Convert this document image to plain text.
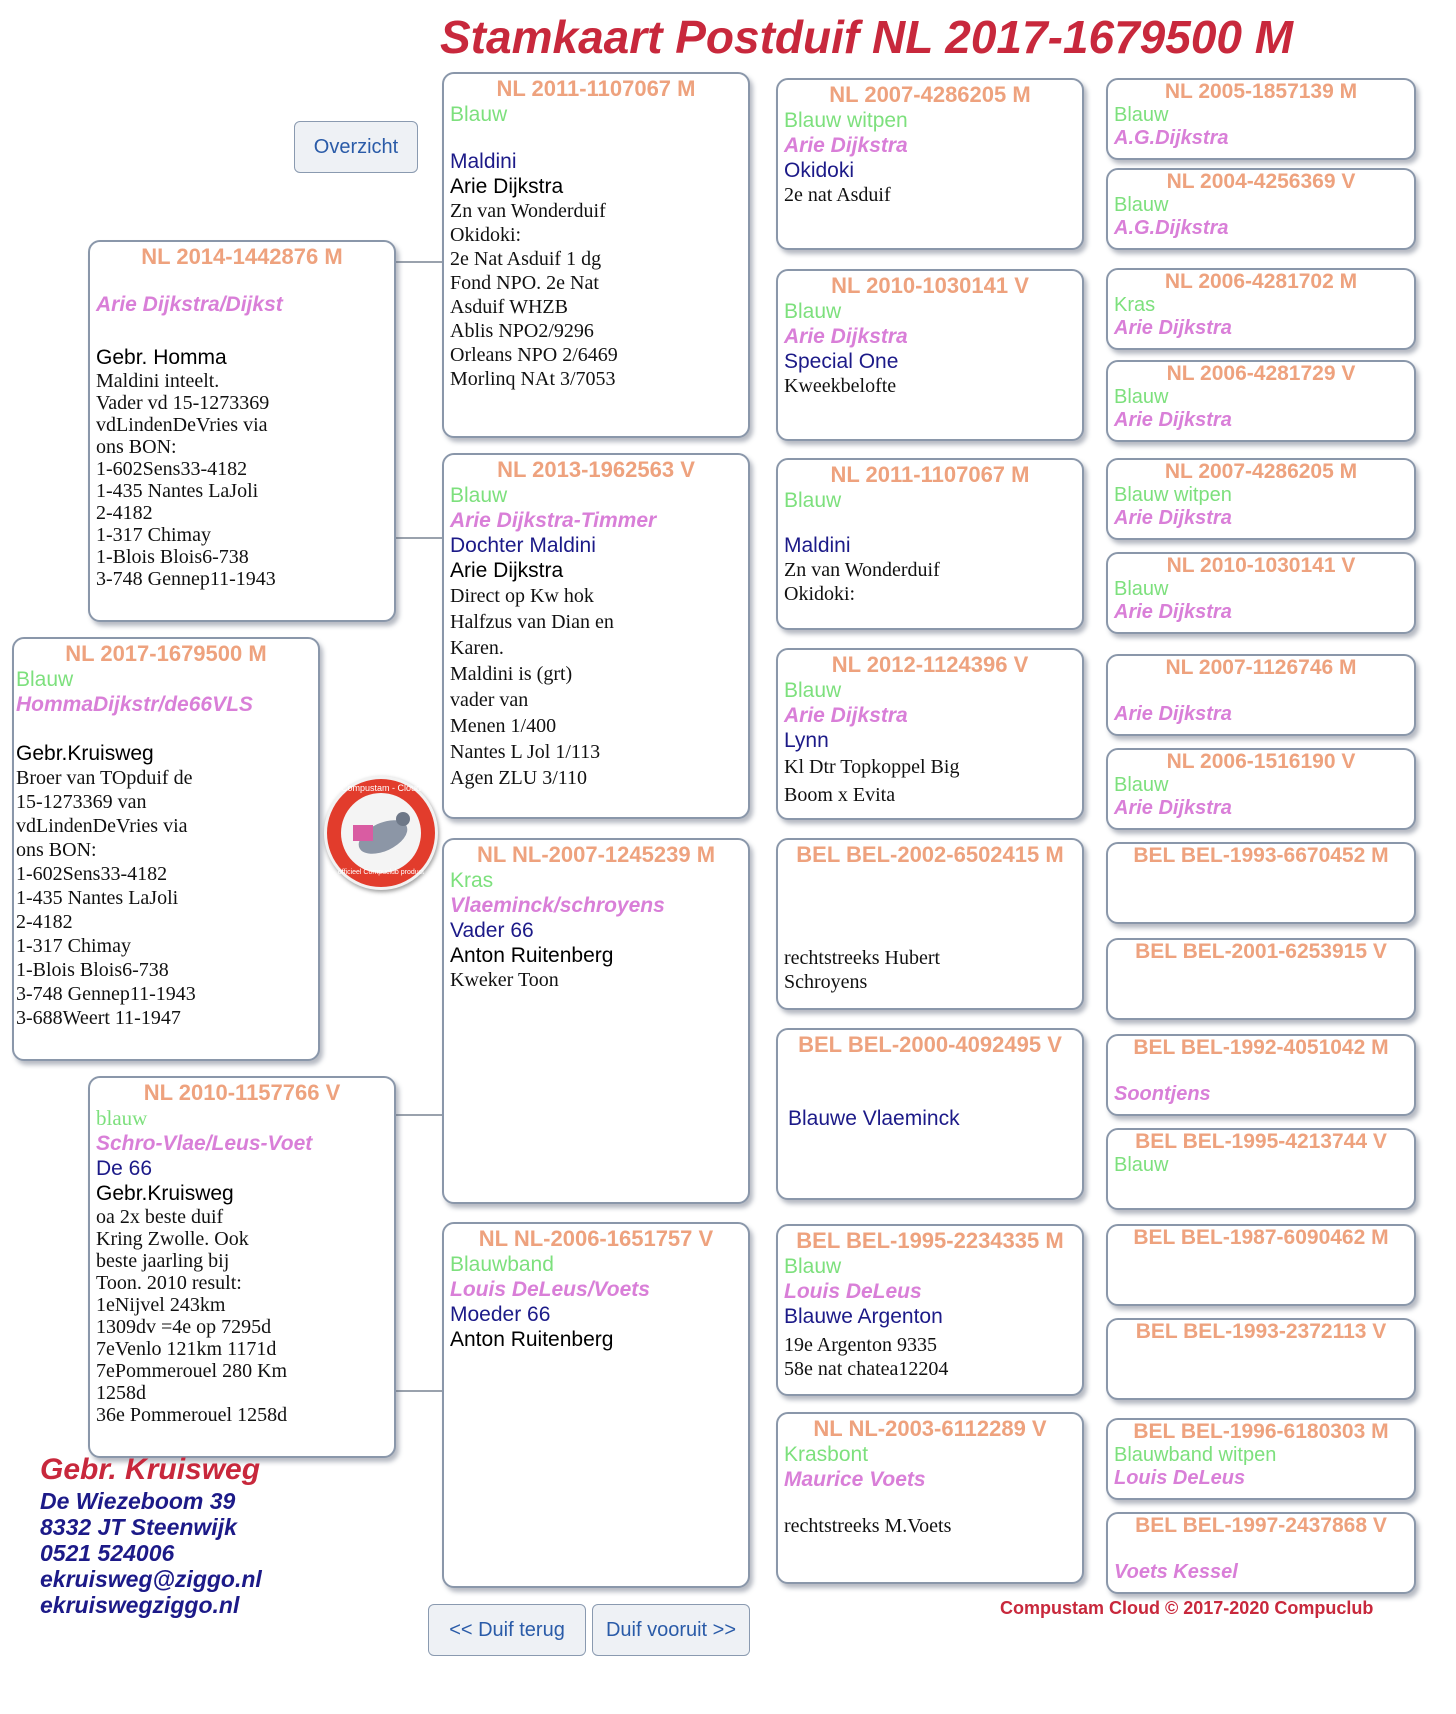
Stamkaart Postduif NL 2017-1679500 M
Overzicht
NL 2017-1679500 M
Blauw
HommaDijkstr/de66VLS
Gebr.Kruisweg
Broer van TOpduif de
15-1273369 van
vdLindenDeVries via
ons BON:
1-602Sens33-4182
1-435 Nantes LaJoli
2-4182
1-317 Chimay
1-Blois Blois6-738
3-748 Gennep11-1943
3-688Weert 11-1947
Compustam - Cloud
officieel Compuclub product
NL 2014-1442876 M
Arie Dijkstra/Dijkst
Gebr. Homma
Maldini inteelt.
Vader vd 15-1273369
vdLindenDeVries via
ons BON:
1-602Sens33-4182
1-435 Nantes LaJoli
2-4182
1-317 Chimay
1-Blois Blois6-738
3-748 Gennep11-1943
NL 2010-1157766 V
blauw
Schro-Vlae/Leus-Voet
De 66
Gebr.Kruisweg
oa 2x beste duif
Kring Zwolle. Ook
beste jaarling bij
Toon. 2010 result:
1eNijvel 243km
1309dv =4e op 7295d
7eVenlo 121km 1171d
7ePommerouel 280 Km
1258d
36e Pommerouel 1258d
NL 2011-1107067 M
Blauw
Maldini
Arie Dijkstra
Zn van Wonderduif
Okidoki:
2e Nat Asduif 1 dg
Fond NPO. 2e Nat
Asduif WHZB
Ablis NPO2/9296
Orleans NPO 2/6469
Morlinq NAt 3/7053
NL 2013-1962563 V
Blauw
Arie Dijkstra-Timmer
Dochter Maldini
Arie Dijkstra
Direct op Kw hok
Halfzus van Dian en
Karen.
Maldini is (grt)
vader van
Menen 1/400
Nantes L Jol 1/113
Agen ZLU 3/110
NL NL-2007-1245239 M
Kras
Vlaeminck/schroyens
Vader 66
Anton Ruitenberg
Kweker Toon
NL NL-2006-1651757 V
Blauwband
Louis DeLeus/Voets
Moeder 66
Anton Ruitenberg
NL 2007-4286205 M
Blauw witpen
Arie Dijkstra
Okidoki
2e nat Asduif
NL 2010-1030141 V
Blauw
Arie Dijkstra
Special One
Kweekbelofte
NL 2011-1107067 M
Blauw
Maldini
Zn van Wonderduif
Okidoki:
NL 2012-1124396 V
Blauw
Arie Dijkstra
Lynn
Kl Dtr Topkoppel Big
Boom x Evita
BEL BEL-2002-6502415 M
rechtstreeks Hubert
Schroyens
BEL BEL-2000-4092495 V
Blauwe Vlaeminck
BEL BEL-1995-2234335 M
Blauw
Louis DeLeus
Blauwe Argenton
19e Argenton 9335
58e nat chatea12204
NL NL-2003-6112289 V
Krasbont
Maurice Voets
rechtstreeks M.Voets
NL 2005-1857139 M
Blauw
A.G.Dijkstra
NL 2004-4256369 V
Blauw
A.G.Dijkstra
NL 2006-4281702 M
Kras
Arie Dijkstra
NL 2006-4281729 V
Blauw
Arie Dijkstra
NL 2007-4286205 M
Blauw witpen
Arie Dijkstra
NL 2010-1030141 V
Blauw
Arie Dijkstra
NL 2007-1126746 M
Arie Dijkstra
NL 2006-1516190 V
Blauw
Arie Dijkstra
BEL BEL-1993-6670452 M
BEL BEL-2001-6253915 V
BEL BEL-1992-4051042 M
Soontjens
BEL BEL-1995-4213744 V
Blauw
BEL BEL-1987-6090462 M
BEL BEL-1993-2372113 V
BEL BEL-1996-6180303 M
Blauwband witpen
Louis DeLeus
BEL BEL-1997-2437868 V
Voets Kessel
<< Duif terug	Duif vooruit >>
Gebr. Kruisweg
De Wiezeboom 39
8332 JT Steenwijk
0521 524006
ekruisweg@ziggo.nl
ekruiswegziggo.nl	Compustam Cloud © 2017-2020 Compuclub
